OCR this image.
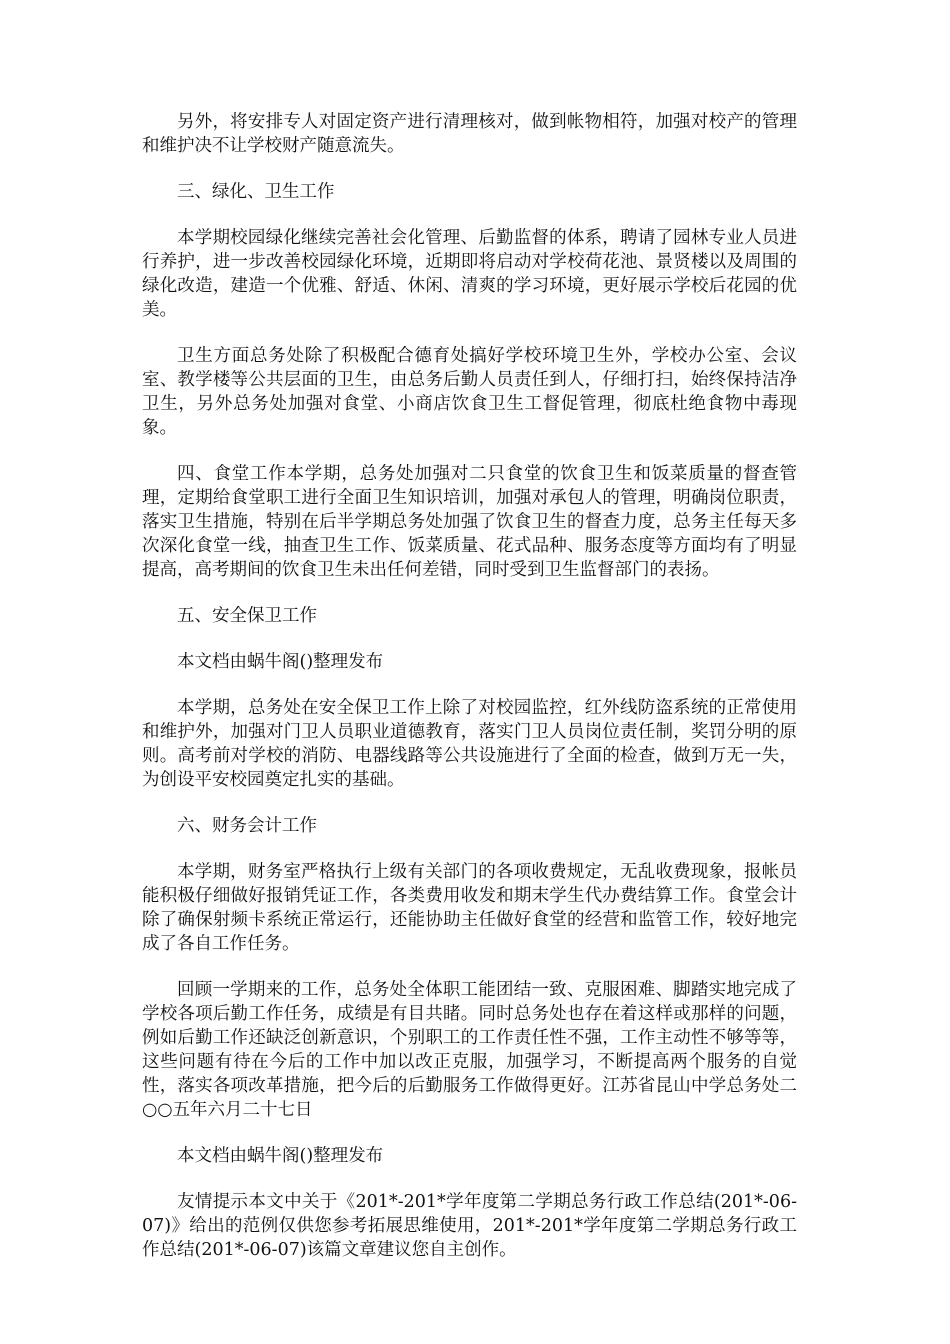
另外，将安排专人对固定资产进行清理核对，做到帐物相符，加强对校产的管理和维护决不让学校财产随意流失。

三、绿化、卫生工作

本学期校园绿化继续完善社会化管理、后勤监督的体系，聘请了园林专业人员进行养护，进一步改善校园绿化环境，近期即将启动对学校荷花池、景贤楼以及周围的绿化改造，建造一个优雅、舒适、休闲、清爽的学习环境，更好展示学校后花园的优美。

卫生方面总务处除了积极配合德育处搞好学校环境卫生外，学校办公室、会议室、教学楼等公共层面的卫生，由总务后勤人员责任到人，仔细打扫，始终保持洁净卫生，另外总务处加强对食堂、小商店饮食卫生工督促管理，彻底杜绝食物中毒现象。

四、食堂工作本学期，总务处加强对二只食堂的饮食卫生和饭菜质量的督查管理，定期给食堂职工进行全面卫生知识培训，加强对承包人的管理，明确岗位职责，落实卫生措施，特别在后半学期总务处加强了饮食卫生的督查力度，总务主任每天多次深化食堂一线，抽查卫生工作、饭菜质量、花式品种、服务态度等方面均有了明显提高，高考期间的饮食卫生未出任何差错，同时受到卫生监督部门的表扬。

五、安全保卫工作

本文档由蜗牛阁()整理发布

本学期，总务处在安全保卫工作上除了对校园监控，红外线防盗系统的正常使用和维护外，加强对门卫人员职业道德教育，落实门卫人员岗位责任制，奖罚分明的原则。高考前对学校的消防、电器线路等公共设施进行了全面的检查，做到万无一失，为创设平安校园奠定扎实的基础。

六、财务会计工作

本学期，财务室严格执行上级有关部门的各项收费规定，无乱收费现象，报帐员能积极仔细做好报销凭证工作，各类费用收发和期末学生代办费结算工作。食堂会计除了确保射频卡系统正常运行，还能协助主任做好食堂的经营和监管工作，较好地完成了各自工作任务。

回顾一学期来的工作，总务处全体职工能团结一致、克服困难、脚踏实地完成了学校各项后勤工作任务，成绩是有目共睹。同时总务处也存在着这样或那样的问题，例如后勤工作还缺泛创新意识，个别职工的工作责任性不强，工作主动性不够等等，这些问题有待在今后的工作中加以改正克服，加强学习，不断提高两个服务的自觉性，落实各项改革措施，把今后的后勤服务工作做得更好。江苏省昆山中学总务处二○○五年六月二十七日

本文档由蜗牛阁()整理发布

友情提示本文中关于《201*-201*学年度第二学期总务行政工作总结(201*-06-07)》给出的范例仅供您参考拓展思维使用，201*-201*学年度第二学期总务行政工作总结(201*-06-07)该篇文章建议您自主创作。
